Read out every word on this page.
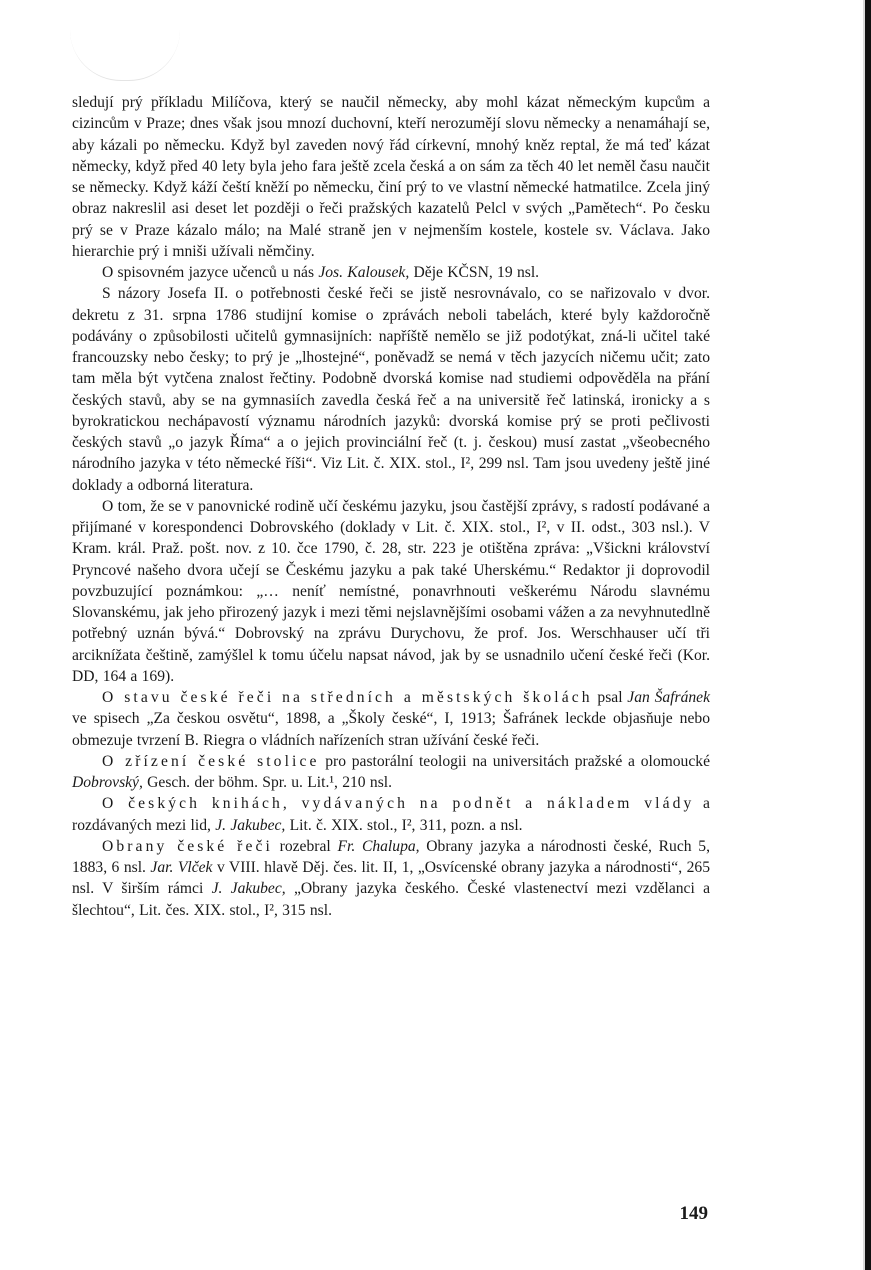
sledují prý příkladu Milíčova, který se naučil německy, aby mohl kázat německým kupcům a cizincům v Praze; dnes však jsou mnozí duchovní, kteří nerozumějí slovu německy a nenamáhají se, aby kázali po německu. Když byl zaveden nový řád církevní, mnohý kněz reptal, že má teď kázat německy, když před 40 lety byla jeho fara ještě zcela česká a on sám za těch 40 let neměl času naučit se německy. Když káží čeští kněží po německu, činí prý to ve vlastní německé hatmatilce. Zcela jiný obraz nakreslil asi deset let později o řeči pražských kazatelů Pelcl v svých „Pamětech“. Po česku prý se v Praze kázalo málo; na Malé straně jen v nejmenším kostele, kostele sv. Václava. Jako hierarchie prý i mniši užívali němčiny.

O spisovném jazyce učenců u nás Jos. Kalousek, Děje KČSN, 19 nsl.

S názory Josefa II. o potřebnosti české řeči se jistě nesrovnávalo, co se nařizovalo v dvor. dekretu z 31. srpna 1786 studijní komise o zprávách neboli tabelách, které byly každoročně podávány o způsobilosti učitelů gymnasijních: napříště nemělo se již podotýkat, zná-li učitel také francouzsky nebo česky; to prý je „lhostejné“, poněvadž se nemá v těch jazycích ničemu učit; zato tam měla být vytčena znalost řečtiny. Podobně dvorská komise nad studiemi odpověděla na přání českých stavů, aby se na gymnasiích zavedla česká řeč a na universitě řeč latinská, ironicky a s byrokratickou nechápavostí významu národních jazyků: dvorská komise prý se proti pečlivosti českých stavů „o jazyk Říma“ a o jejich provinciální řeč (t. j. českou) musí zastat „všeobecného národního jazyka v této německé říši“. Viz Lit. č. XIX. stol., I², 299 nsl. Tam jsou uvedeny ještě jiné doklady a odborná literatura.

O tom, že se v panovnické rodině učí českému jazyku, jsou častější zprávy, s radostí podávané a přijímané v korespondenci Dobrovského (doklady v Lit. č. XIX. stol., I², v II. odst., 303 nsl.). V Kram. král. Praž. pošt. nov. z 10. čce 1790, č. 28, str. 223 je otištěna zpráva: „Všickni království Pryncové našeho dvora učejí se Českému jazyku a pak také Uherskému.“ Redaktor ji doprovodil povzbuzující poznámkou: „… neníť nemístné, ponavrhnouti veškerému Národu slavnému Slovanskému, jak jeho přirozený jazyk i mezi těmi nejslavnějšími osobami vážen a za nevyhnutedlně potřebný uznán bývá.“ Dobrovský na zprávu Durychovu, že prof. Jos. Werschhauser učí tři arciknížata češtině, zamýšlel k tomu účelu napsat návod, jak by se usnadnilo učení české řeči (Kor. DD, 164 a 169).

O stavu české řeči na středních a městských školách psal Jan Šafránek ve spisech „Za českou osvětu“, 1898, a „Školy české“, I, 1913; Šafránek leckde objasňuje nebo obmezuje tvrzení B. Riegra o vládních nařízeních stran užívání české řeči.

O zřízení české stolice pro pastorální teologii na universitách pražské a olomoucké Dobrovský, Gesch. der böhm. Spr. u. Lit.¹, 210 nsl.

O českých knihách, vydávaných na podnět a nákladem vlády a rozdávaných mezi lid, J. Jakubec, Lit. č. XIX. stol., I², 311, pozn. a nsl.

Obrany české řeči rozebral Fr. Chalupa, Obrany jazyka a národnosti české, Ruch 5, 1883, 6 nsl. Jar. Vlček v VIII. hlavě Děj. čes. lit. II, 1, „Osvícenské obrany jazyka a národnosti“, 265 nsl. V širším rámci J. Jakubec, „Obrany jazyka českého. České vlastenectví mezi vzdělanci a šlechtou“, Lit. čes. XIX. stol., I², 315 nsl.

149
